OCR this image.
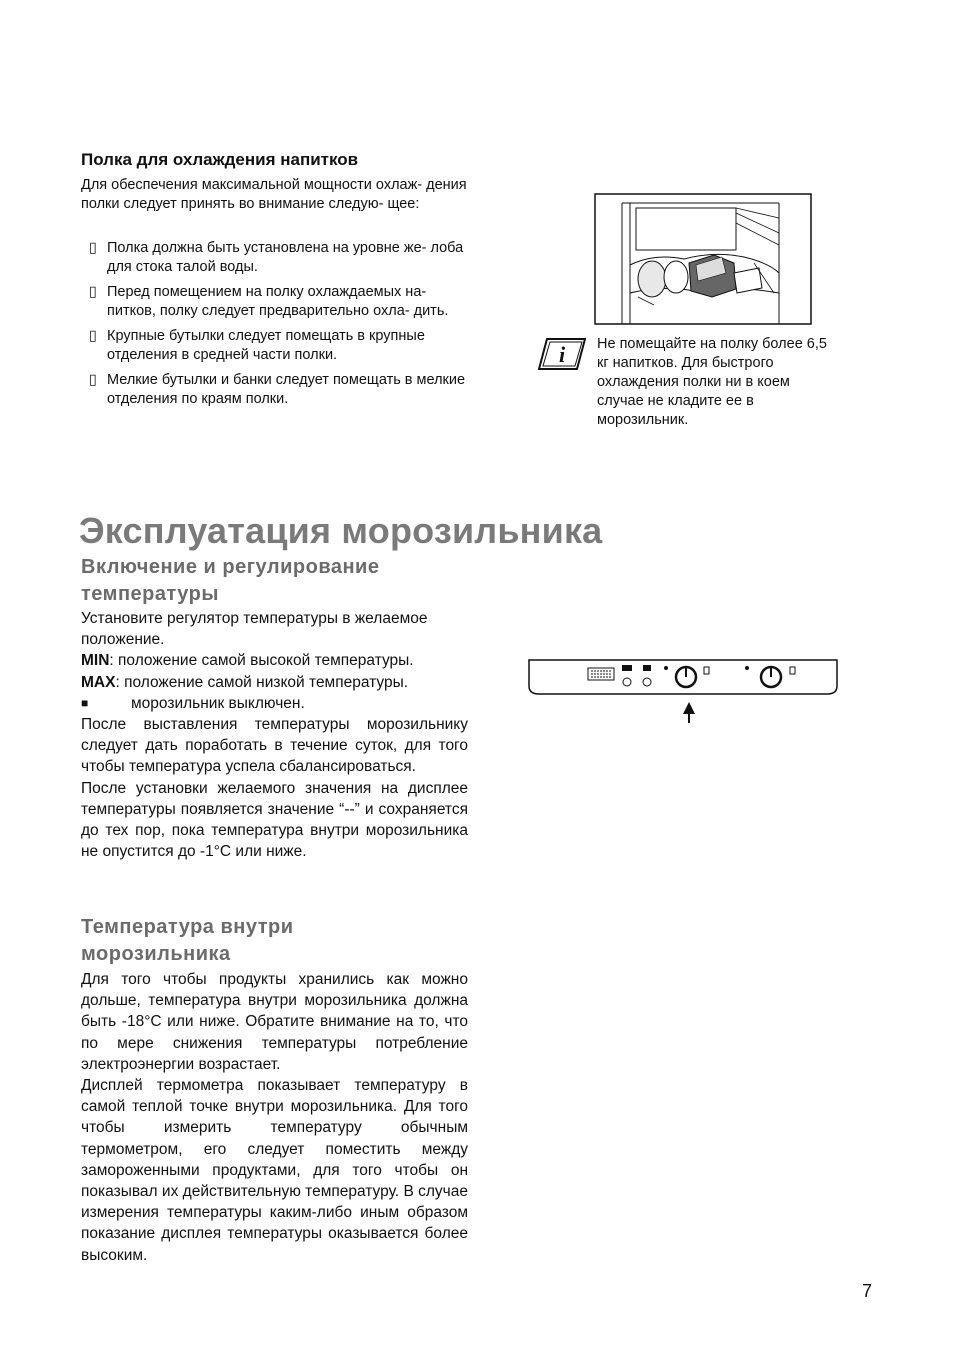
Полка для охлаждения напитков
Для обеспечения максимальной мощности охлаж- дения полки следует принять во внимание следую- щее:
▯ Полка должна быть установлена на уровне же- лоба для стока талой воды.
▯ Перед помещением на полку охлаждаемых на- питков, полку следует предварительно охла- дить.
▯ Крупные бутылки следует помещать в крупные отделения в средней части полки.
▯ Мелкие бутылки и банки следует помещать в мелкие отделения по краям полки.
i Не помещайте на полку более 6,5 кг напитков. Для быстрого охлаждения полки ни в коем случае не кладите ее в морозильник.
Эксплуатация морозильника
Включение и регулирование температуры

Установите регулятор температуры в желаемое положение.

MIN: положение самой высокой температуры.

MAX: положение самой низкой температуры.

■	морозильник выключен.

После выставления температуры морозильнику следует дать поработать в течение суток, для того чтобы температура успела сбалансироваться.

После установки желаемого значения на дисплее температуры появляется значение “--” и сохраняется до тех пор, пока температура внутри морозильника не опустится до -1°C или ниже.

Температура внутри морозильника

Для того чтобы продукты хранились как можно дольше, температура внутри морозильника должна быть -18°C или ниже. Обратите внимание на то, что по мере снижения температуры потребление электроэнергии возрастает.

Дисплей термометра показывает температуру в самой теплой точке внутри морозильника. Для того чтобы измерить температуру обычным термометром, его следует поместить между замороженными продуктами, для того чтобы он показывал их действительную температуру. В случае измерения температуры каким-либо иным образом показание дисплея температуры оказывается более высоким.

7
